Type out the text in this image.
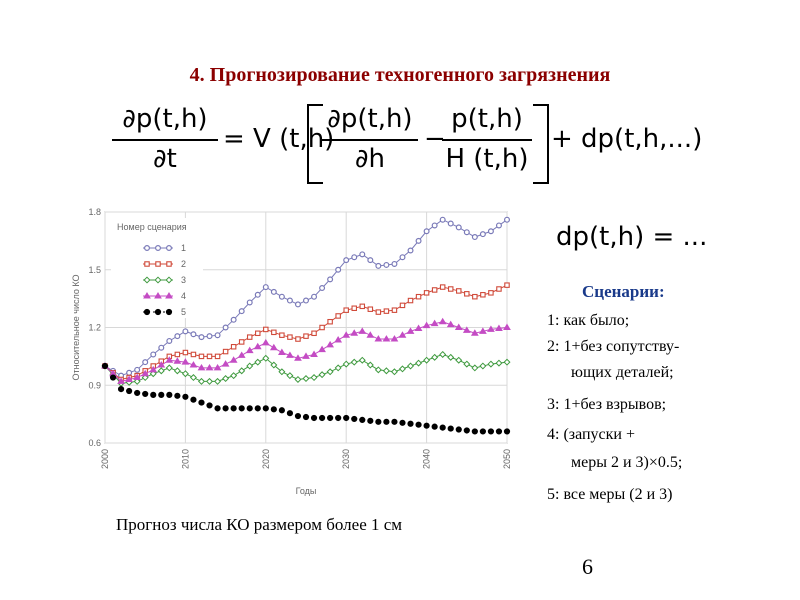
4. Прогнозирование техногенного загрязнения
∂p(t,h)
∂t
= V (t,h)
∂p(t,h)
∂h
−
p(t,h)
H (t,h)
+ dp(t,h,...)
dp(t,h) = ...
0.6
0.9
1.2
1.5
1.8
2000	2010	2020	2030	2040	2050
Годы
Относительное число КО
Номер сценария
1
2
3
4
5
Сценарии:
1: как было;
2: 1+без сопутству-
ющих деталей;
3: 1+без взрывов;
4: (запуски +
меры 2 и 3)×0.5;
5: все меры (2 и 3)
Прогноз числа КО размером более 1 см
6
